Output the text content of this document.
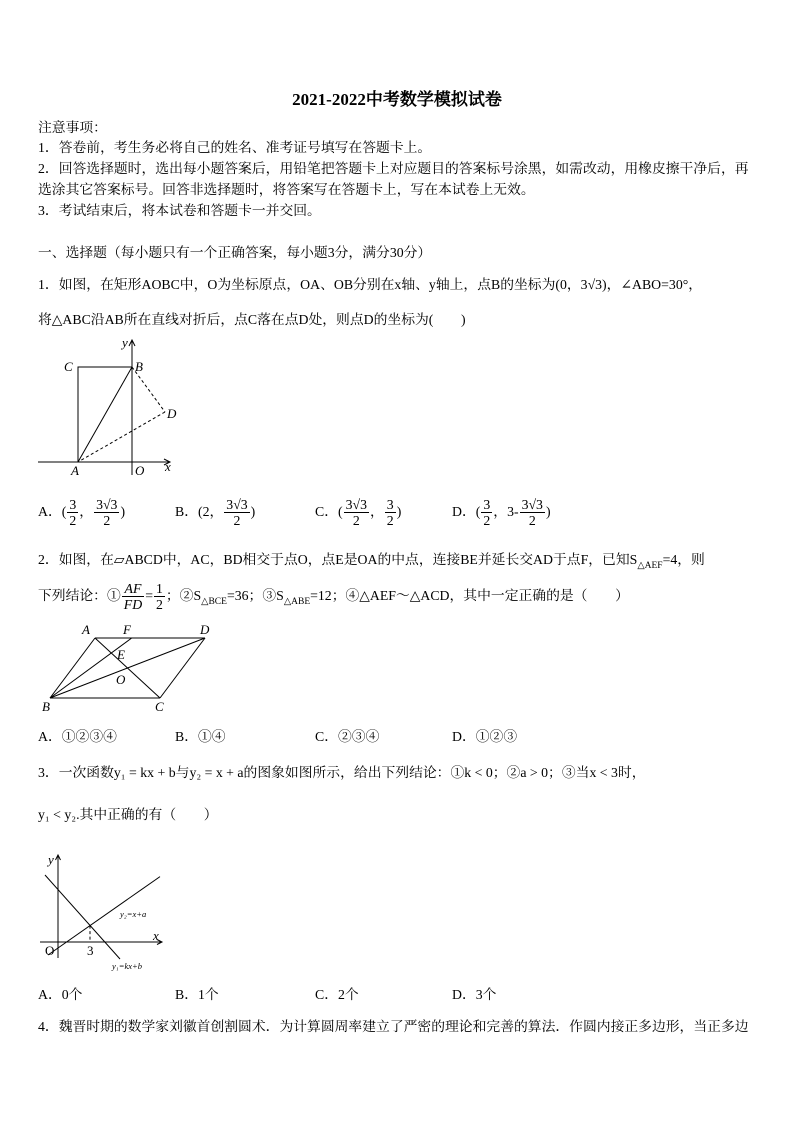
2021-2022中考数学模拟试卷
注意事项：
1．答卷前，考生务必将自己的姓名、准考证号填写在答题卡上。
2．回答选择题时，选出每小题答案后，用铅笔把答题卡上对应题目的答案标号涂黑，如需改动，用橡皮擦干净后，再
选涂其它答案标号。回答非选择题时，将答案写在答题卡上，写在本试卷上无效。
3．考试结束后，将本试卷和答题卡一并交回。
一、选择题（每小题只有一个正确答案，每小题3分，满分30分）
1．如图，在矩形AOBC中，O为坐标原点，OA、OB分别在x轴、y轴上，点B的坐标为(0，3√3)，∠ABO=30°，
将△ABC沿AB所在直线对折后，点C落在点D处，则点D的坐标为(　　)
C	B
y
D
A	O x
A．( $\frac{3}{2}$ ， $\frac{3√3}{2}$ )	B．(2， $\frac{3√3}{2}$ )	C．( $\frac{3√3}{2}$ ， $\frac{3}{2}$ )	D．( $\frac{3}{2}$ ，$3- \frac{3√3}{2}$ )
2．如图，在▱ABCD中，AC，BD相交于点O，点E是OA的中点，连接BE并延长交AD于点F，已知$S_{\triangle AEF}=4$，则
下列结论：① $\frac{AF}{FD} = \frac{1}{2}$ ；$②S_{\triangle BCE}=36$；$③S_{\triangle ABE}=12$；④△AEF～△ACD，其中一定正确的是（　　）
A	F	D
E
O
B	C
A．①②③④	B．①④	C．②③④	D．①②③
3．一次函数y₁ = kx + b与y₂ = x + a的图象如图所示，给出下列结论：①k < 0；②a > 0；③当x < 3时，
y₁ < y₂.其中正确的有（　　）
y
x
O	3
y₂=x+a
y₁=kx+b
A．0个	B．1个	C．2个	D．3个
4．魏晋时期的数学家刘徽首创割圆术．为计算圆周率建立了严密的理论和完善的算法．作圆内接正多边形，当正多边
